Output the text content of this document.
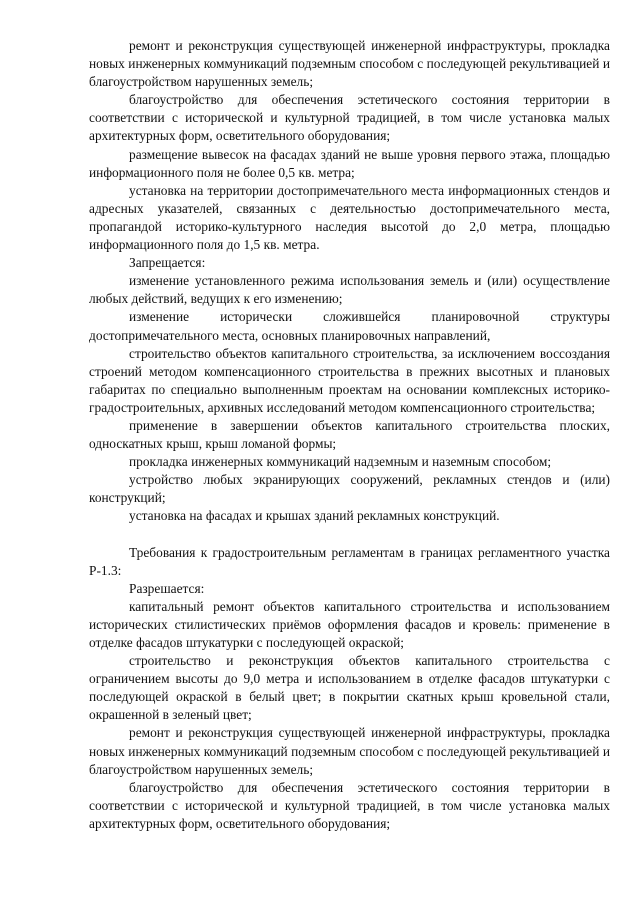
ремонт и реконструкция существующей инженерной инфраструктуры, прокладка новых инженерных коммуникаций подземным способом с последующей рекультивацией и благоустройством нарушенных земель;

благоустройство для обеспечения эстетического состояния территории в соответствии с исторической и культурной традицией, в том числе установка малых архитектурных форм, осветительного оборудования;

размещение вывесок на фасадах зданий не выше уровня первого этажа, площадью информационного поля не более 0,5 кв. метра;

установка на территории достопримечательного места информационных стендов и адресных указателей, связанных с деятельностью достопримечательного места, пропагандой историко-культурного наследия высотой до 2,0 метра, площадью информационного поля до 1,5 кв. метра.

Запрещается:

изменение установленного режима использования земель и (или) осуществление любых действий, ведущих к его изменению;

изменение исторически сложившейся планировочной структуры достопримечательного места, основных планировочных направлений,

строительство объектов капитального строительства, за исключением воссоздания строений методом компенсационного строительства в прежних высотных и плановых габаритах по специально выполненным проектам на основании комплексных историко-градостроительных, архивных исследований методом компенсационного строительства;

применение в завершении объектов капитального строительства плоских, односкатных крыш, крыш ломаной формы;

прокладка инженерных коммуникаций надземным и наземным способом;

устройство любых экранирующих сооружений, рекламных стендов и (или) конструкций;

установка на фасадах и крышах зданий рекламных конструкций.

Требования к градостроительным регламентам в границах регламентного участка Р-1.3:

Разрешается:

капитальный ремонт объектов капитального строительства и использованием исторических стилистических приёмов оформления фасадов и кровель: применение в отделке фасадов штукатурки с последующей окраской;

строительство и реконструкция объектов капитального строительства с ограничением высоты до 9,0 метра и использованием в отделке фасадов штукатурки с последующей окраской в белый цвет; в покрытии скатных крыш кровельной стали, окрашенной в зеленый цвет;

ремонт и реконструкция существующей инженерной инфраструктуры, прокладка новых инженерных коммуникаций подземным способом с последующей рекультивацией и благоустройством нарушенных земель;

благоустройство для обеспечения эстетического состояния территории в соответствии с исторической и культурной традицией, в том числе установка малых архитектурных форм, осветительного оборудования;
